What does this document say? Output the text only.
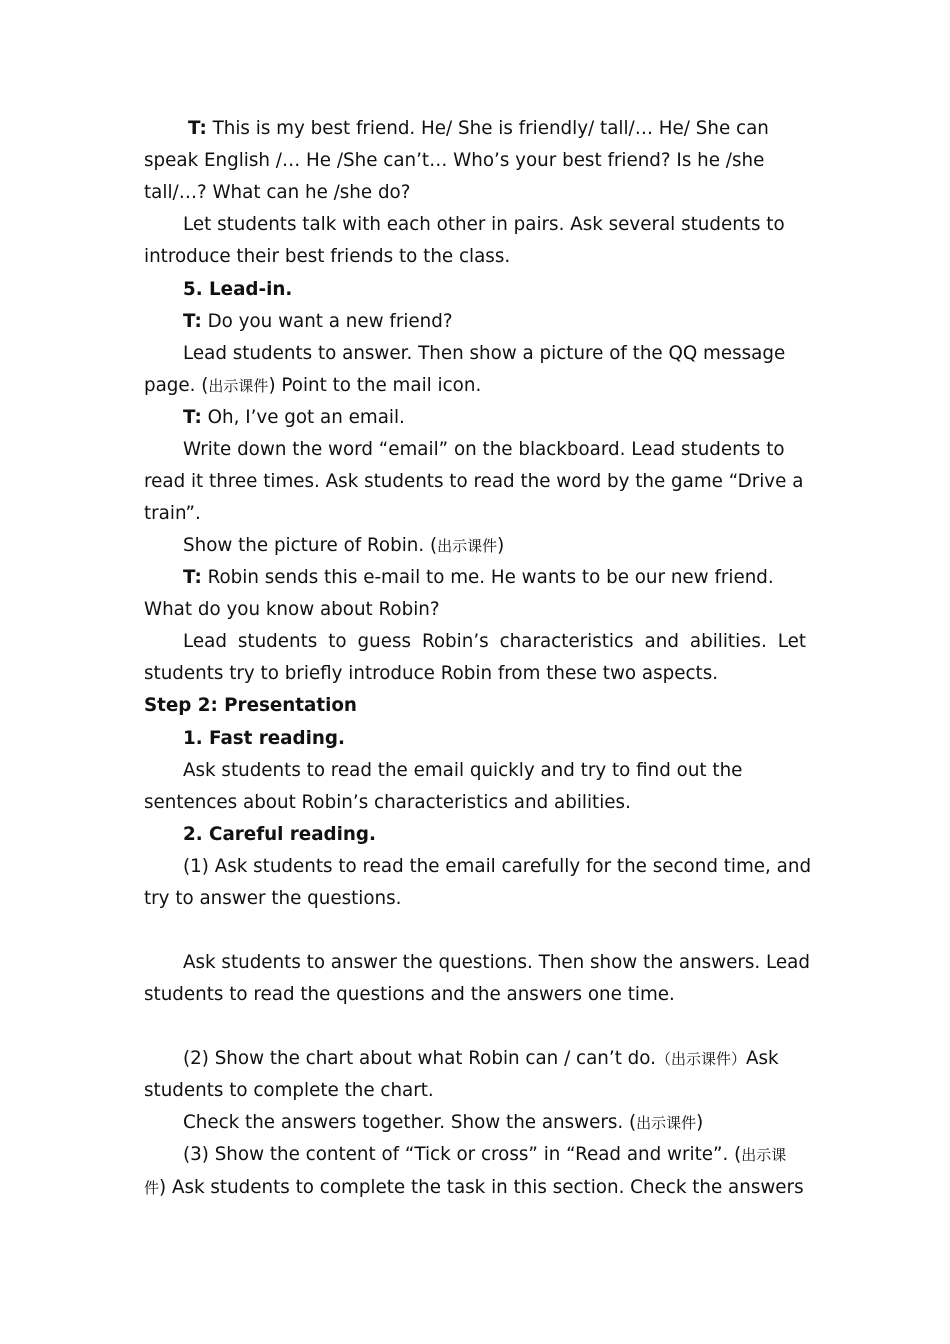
T: This is my best friend. He/ She is friendly/ tall/… He/ She can
speak English /… He /She can’t… Who’s your best friend? Is he /she
tall/…? What can he /she do?
Let students talk with each other in pairs. Ask several students to
introduce their best friends to the class.
5. Lead-in.
T: Do you want a new friend?
Lead students to answer. Then show a picture of the QQ message
page. (出示课件) Point to the mail icon.
T: Oh, I’ve got an email.
Write down the word “email” on the blackboard. Lead students to
read it three times. Ask students to read the word by the game “Drive a
train”.
Show the picture of Robin. (出示课件)
T: Robin sends this e-mail to me. He wants to be our new friend.
What do you know about Robin?
Lead students to guess Robin’s characteristics and abilities. Let
students try to briefly introduce Robin from these two aspects.
Step 2: Presentation
1. Fast reading.
Ask students to read the email quickly and try to find out the
sentences about Robin’s characteristics and abilities.
2. Careful reading.
(1) Ask students to read the email carefully for the second time, and
try to answer the questions.
Ask students to answer the questions. Then show the answers. Lead
students to read the questions and the answers one time.
(2) Show the chart about what Robin can / can’t do.（出示课件）Ask
students to complete the chart.
Check the answers together. Show the answers. (出示课件)
(3) Show the content of “Tick or cross” in “Read and write”. (出示课
件) Ask students to complete the task in this section. Check the answers
